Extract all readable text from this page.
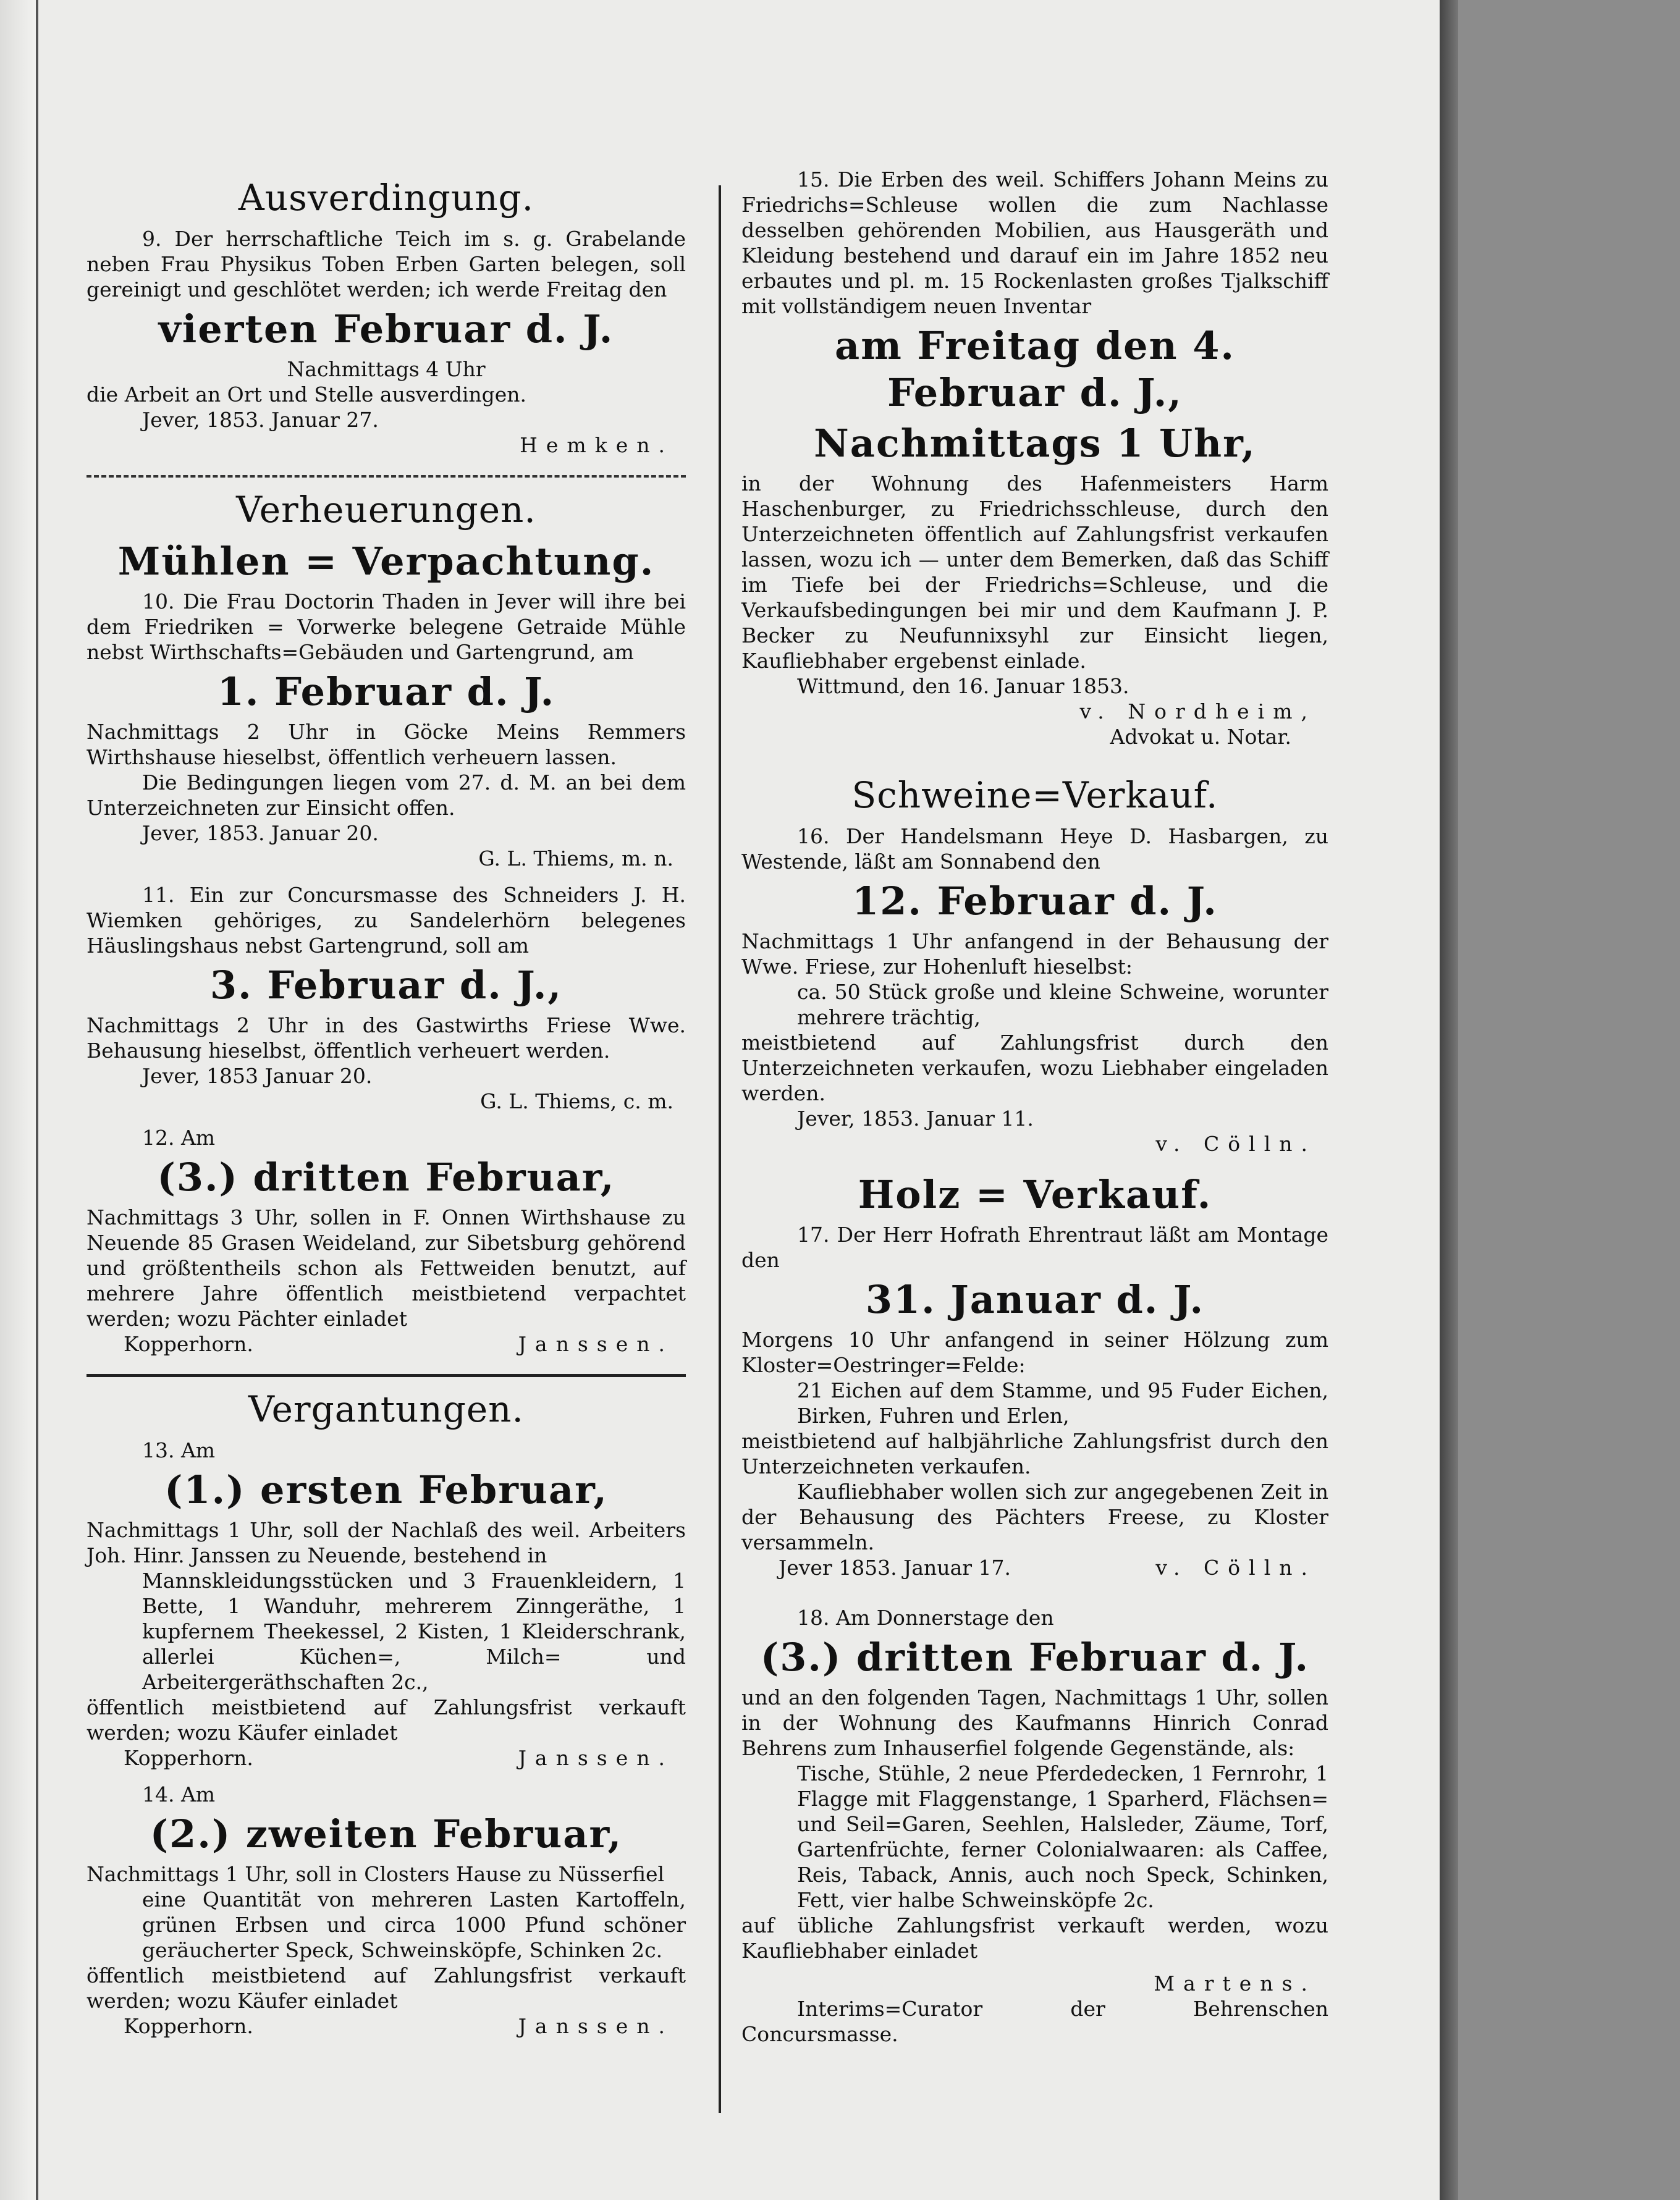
Ausverdingung.

9. Der herrschaftliche Teich im s. g. Grabelande neben Frau Physikus Toben Erben Garten belegen, soll gereinigt und geschlötet werden; ich werde Freitag den

vierten Februar d. J.

Nachmittags 4 Uhr

die Arbeit an Ort und Stelle ausverdingen.

Jever, 1853. Januar 27.

Hemken.

Verheuerungen.
Mühlen = Verpachtung.

10. Die Frau Doctorin Thaden in Jever will ihre bei dem Friedriken = Vorwerke belegene Getraide Mühle nebst Wirthschafts=Gebäuden und Gartengrund, am

1. Februar d. J.

Nachmittags 2 Uhr in Göcke Meins Remmers Wirthshause hieselbst, öffentlich verheuern lassen.

Die Bedingungen liegen vom 27. d. M. an bei dem Unterzeichneten zur Einsicht offen.

Jever, 1853. Januar 20.

G. L. Thiems, m. n.

11. Ein zur Concursmasse des Schneiders J. H. Wiemken gehöriges, zu Sandelerhörn belegenes Häuslingshaus nebst Gartengrund, soll am

3. Februar d. J.,

Nachmittags 2 Uhr in des Gastwirths Friese Wwe. Behausung hieselbst, öffentlich verheuert werden.

Jever, 1853 Januar 20.

G. L. Thiems, c. m.

12. Am

(3.) dritten Februar,

Nachmittags 3 Uhr, sollen in F. Onnen Wirthshause zu Neuende 85 Grasen Weideland, zur Sibetsburg gehörend und größtentheils schon als Fettweiden benutzt, auf mehrere Jahre öffentlich meistbietend verpachtet werden; wozu Pächter einladet

Kopperhorn.	Janssen.
Vergantungen.

13. Am

(1.) ersten Februar,

Nachmittags 1 Uhr, soll der Nachlaß des weil. Arbeiters Joh. Hinr. Janssen zu Neuende, bestehend in

Mannskleidungsstücken und 3 Frauenkleidern, 1 Bette, 1 Wanduhr, mehrerem Zinngeräthe, 1 kupfernem Theekessel, 2 Kisten, 1 Kleiderschrank, allerlei Küchen=, Milch= und Arbeitergeräthschaften 2c.,

öffentlich meistbietend auf Zahlungsfrist verkauft werden; wozu Käufer einladet

Kopperhorn.	Janssen.

14. Am

(2.) zweiten Februar,

Nachmittags 1 Uhr, soll in Closters Hause zu Nüsserfiel

eine Quantität von mehreren Lasten Kartoffeln, grünen Erbsen und circa 1000 Pfund schöner geräucherter Speck, Schweinsköpfe, Schinken 2c.

öffentlich meistbietend auf Zahlungsfrist verkauft werden; wozu Käufer einladet

Kopperhorn.	Janssen.

15. Die Erben des weil. Schiffers Johann Meins zu Friedrichs=Schleuse wollen die zum Nachlasse desselben gehörenden Mobilien, aus Hausgeräth und Kleidung bestehend und darauf ein im Jahre 1852 neu erbautes und pl. m. 15 Rockenlasten großes Tjalkschiff mit vollständigem neuen Inventar

am Freitag den 4. Februar d. J.,
Nachmittags 1 Uhr,

in der Wohnung des Hafenmeisters Harm Haschenburger, zu Friedrichsschleuse, durch den Unterzeichneten öffentlich auf Zahlungsfrist verkaufen lassen, wozu ich — unter dem Bemerken, daß das Schiff im Tiefe bei der Friedrichs=Schleuse, und die Verkaufsbedingungen bei mir und dem Kaufmann J. P. Becker zu Neufunnixsyhl zur Einsicht liegen, Kaufliebhaber ergebenst einlade.

Wittmund, den 16. Januar 1853.

v. Nordheim,

Advokat u. Notar.

Schweine=Verkauf.

16. Der Handelsmann Heye D. Hasbargen, zu Westende, läßt am Sonnabend den

12. Februar d. J.

Nachmittags 1 Uhr anfangend in der Behausung der Wwe. Friese, zur Hohenluft hieselbst:

ca. 50 Stück große und kleine Schweine, worunter mehrere trächtig,

meistbietend auf Zahlungsfrist durch den Unterzeichneten verkaufen, wozu Liebhaber eingeladen werden.

Jever, 1853. Januar 11.

v. Cölln.

Holz = Verkauf.

17. Der Herr Hofrath Ehrentraut läßt am Montage den

31. Januar d. J.

Morgens 10 Uhr anfangend in seiner Hölzung zum Kloster=Oestringer=Felde:

21 Eichen auf dem Stamme, und 95 Fuder Eichen, Birken, Fuhren und Erlen,

meistbietend auf halbjährliche Zahlungsfrist durch den Unterzeichneten verkaufen.

Kaufliebhaber wollen sich zur angegebenen Zeit in der Behausung des Pächters Freese, zu Kloster versammeln.

Jever 1853. Januar 17.	v. Cölln.

18. Am Donnerstage den

(3.) dritten Februar d. J.

und an den folgenden Tagen, Nachmittags 1 Uhr, sollen in der Wohnung des Kaufmanns Hinrich Conrad Behrens zum Inhauserfiel folgende Gegenstände, als:

Tische, Stühle, 2 neue Pferdedecken, 1 Fernrohr, 1 Flagge mit Flaggenstange, 1 Sparherd, Flächsen= und Seil=Garen, Seehlen, Halsleder, Zäume, Torf, Gartenfrüchte, ferner Colonialwaaren: als Caffee, Reis, Taback, Annis, auch noch Speck, Schinken, Fett, vier halbe Schweinsköpfe 2c.

auf übliche Zahlungsfrist verkauft werden, wozu Kaufliebhaber einladet

Martens.

Interims=Curator der Behrenschen Concursmasse.
